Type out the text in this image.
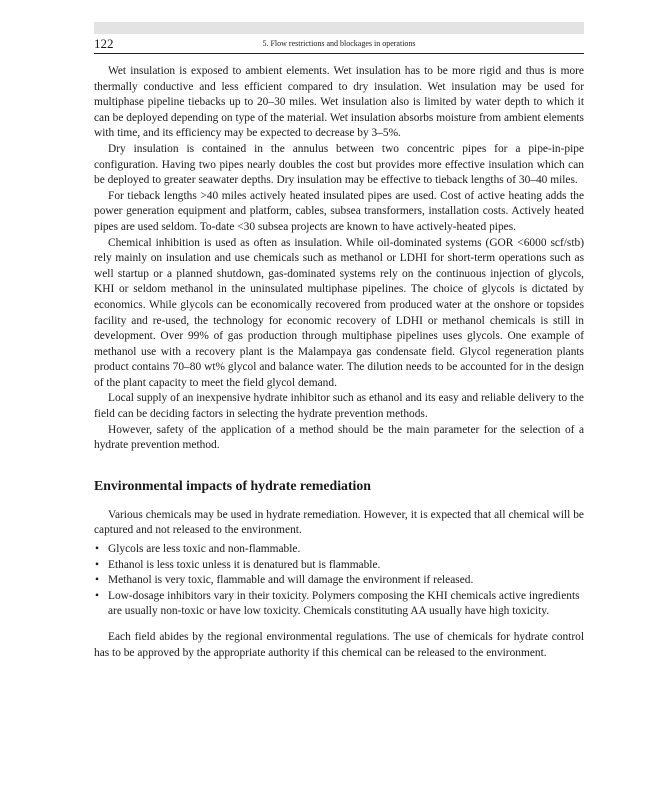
122	5. Flow restrictions and blockages in operations

Wet insulation is exposed to ambient elements. Wet insulation has to be more rigid and thus is more thermally conductive and less efficient compared to dry insulation. Wet insulation may be used for multiphase pipeline tiebacks up to 20–30 miles. Wet insulation also is limited by water depth to which it can be deployed depending on type of the material. Wet insulation absorbs moisture from ambient elements with time, and its efficiency may be expected to decrease by 3–5%.

Dry insulation is contained in the annulus between two concentric pipes for a pipe-in-pipe configuration. Having two pipes nearly doubles the cost but provides more effective insulation which can be deployed to greater seawater depths. Dry insulation may be effective to tieback lengths of 30–40 miles.

For tieback lengths >40 miles actively heated insulated pipes are used. Cost of active heating adds the power generation equipment and platform, cables, subsea transformers, installation costs. Actively heated pipes are used seldom. To-date <30 subsea projects are known to have actively-heated pipes.

Chemical inhibition is used as often as insulation. While oil-dominated systems (GOR <6000 scf/stb) rely mainly on insulation and use chemicals such as methanol or LDHI for short-term operations such as well startup or a planned shutdown, gas-dominated systems rely on the continuous injection of glycols, KHI or seldom methanol in the uninsulated multiphase pipelines. The choice of glycols is dictated by economics. While glycols can be economically recovered from produced water at the onshore or topsides facility and re-used, the technology for economic recovery of LDHI or methanol chemicals is still in development. Over 99% of gas production through multiphase pipelines uses glycols. One example of methanol use with a recovery plant is the Malampaya gas condensate field. Glycol regeneration plants product contains 70–80 wt% glycol and balance water. The dilution needs to be accounted for in the design of the plant capacity to meet the field glycol demand.

Local supply of an inexpensive hydrate inhibitor such as ethanol and its easy and reliable delivery to the field can be deciding factors in selecting the hydrate prevention methods.

However, safety of the application of a method should be the main parameter for the selection of a hydrate prevention method.

Environmental impacts of hydrate remediation

Various chemicals may be used in hydrate remediation. However, it is expected that all chemical will be captured and not released to the environment.

• Glycols are less toxic and non-flammable.
• Ethanol is less toxic unless it is denatured but is flammable.
• Methanol is very toxic, flammable and will damage the environment if released.
• Low-dosage inhibitors vary in their toxicity. Polymers composing the KHI chemicals active ingredients are usually non-toxic or have low toxicity. Chemicals constituting AA usually have high toxicity.

Each field abides by the regional environmental regulations. The use of chemicals for hydrate control has to be approved by the appropriate authority if this chemical can be released to the environment.
